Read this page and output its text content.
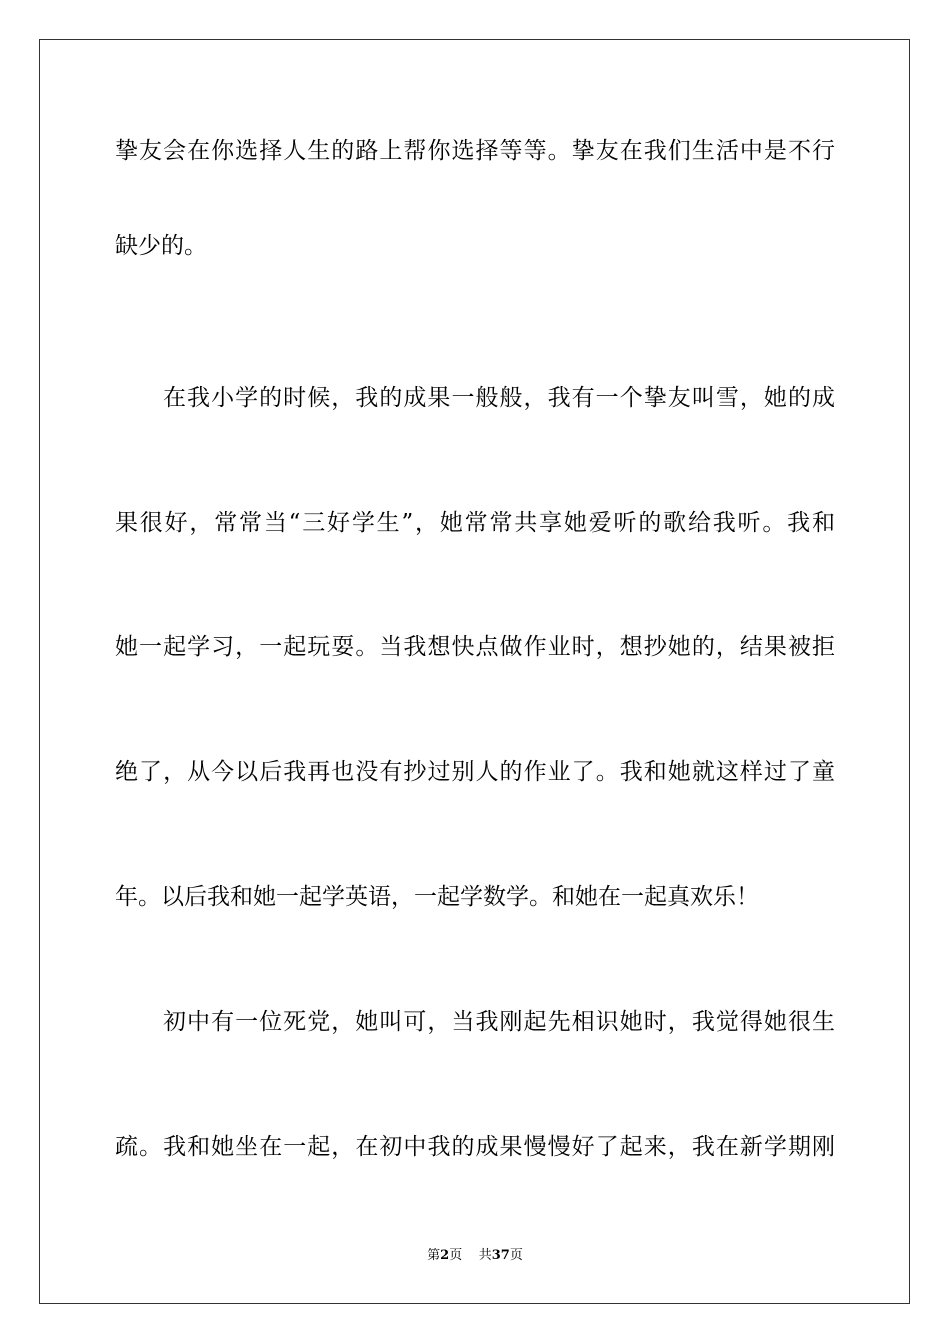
挚友会在你选择人生的路上帮你选择等等。挚友在我们生活中是不行
缺少的。
在我小学的时候，我的成果一般般，我有一个挚友叫雪，她的成
果很好，常常当“三好学生”，她常常共享她爱听的歌给我听。我和
她一起学习，一起玩耍。当我想快点做作业时，想抄她的，结果被拒
绝了，从今以后我再也没有抄过别人的作业了。我和她就这样过了童
年。以后我和她一起学英语，一起学数学。和她在一起真欢乐！
初中有一位死党，她叫可，当我刚起先相识她时，我觉得她很生
疏。我和她坐在一起，在初中我的成果慢慢好了起来，我在新学期刚
第2页 共37页
